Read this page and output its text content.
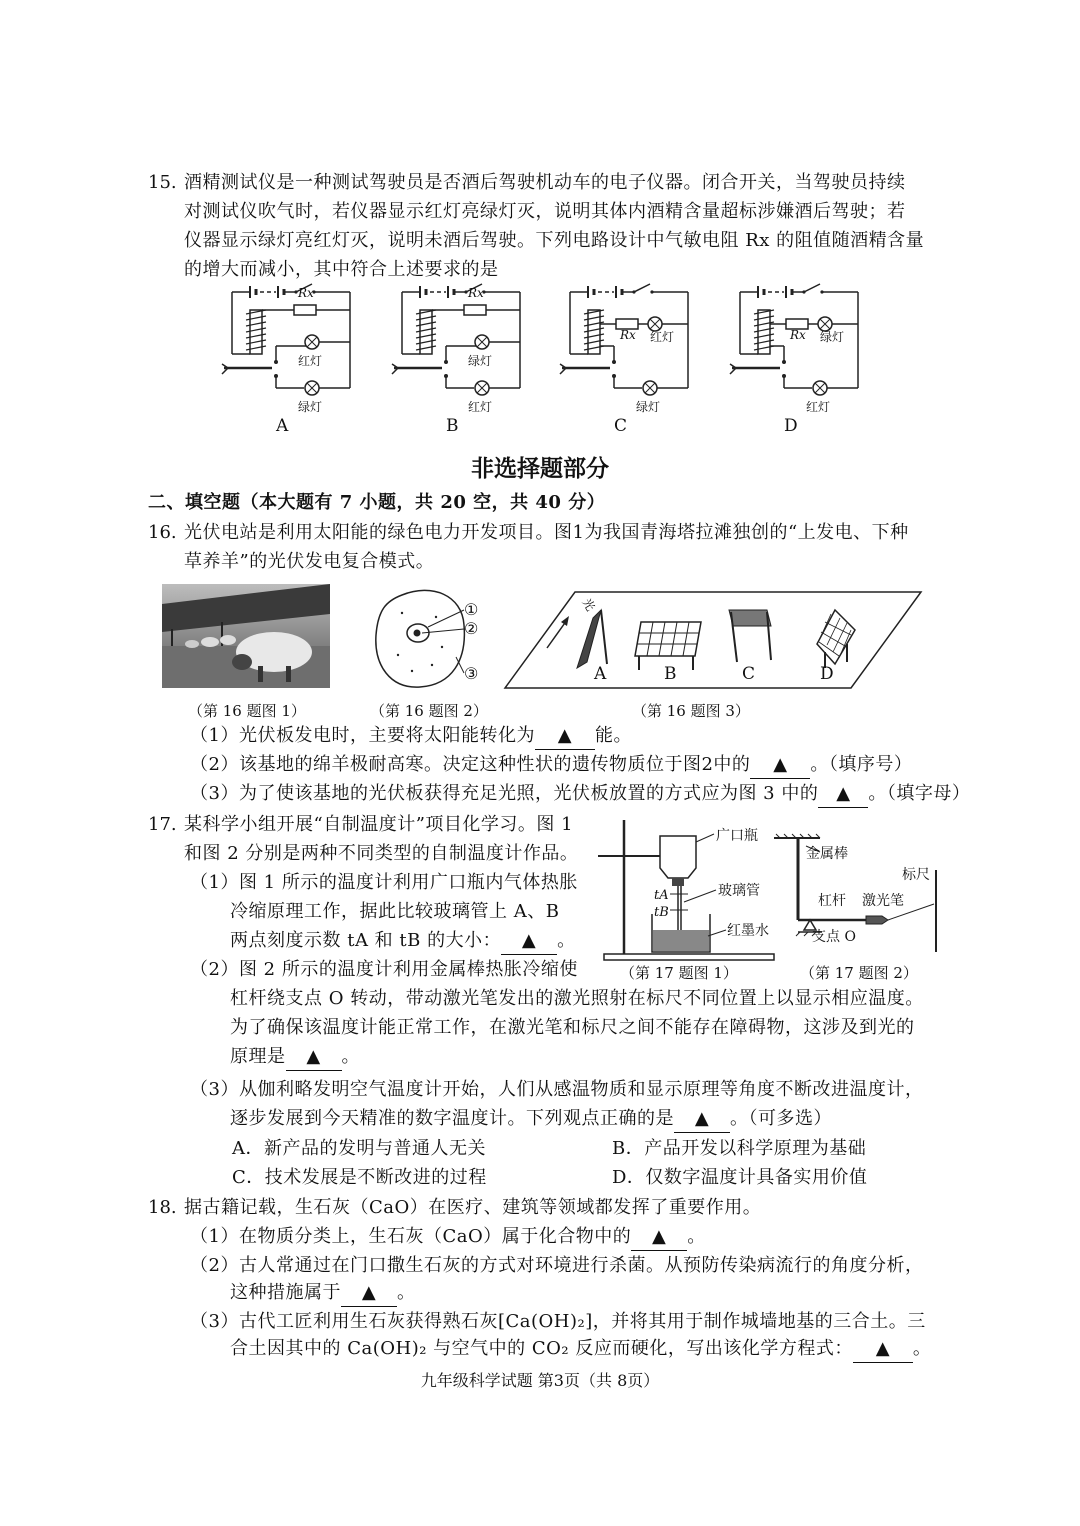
15. 酒精测试仪是一种测试驾驶员是否酒后驾驶机动车的电子仪器。闭合开关，当驾驶员持续
对测试仪吹气时，若仪器显示红灯亮绿灯灭，说明其体内酒精含量超标涉嫌酒后驾驶；若
仪器显示绿灯亮红灯灭，说明未酒后驾驶。下列电路设计中气敏电阻 Rx 的阻值随酒精含量
的增大而减小，其中符合上述要求的是
Rx
红灯
绿灯
A
Rx
绿灯
红灯
B
Rx 红灯
绿灯
C
Rx 绿灯
红灯
D
非选择题部分
二、填空题（本大题有 7 小题，共 20 空，共 40 分）
16. 光伏电站是利用太阳能的绿色电力开发项目。图1为我国青海塔拉滩独创的“上发电、下种
草养羊”的光伏发电复合模式。
（第 16 题图 1）
①
②
③
（第 16 题图 2）
光
A	B	C	D
（第 16 题图 3）
（1）光伏板发电时，主要将太阳能转化为 ▲ 能。
（2）该基地的绵羊极耐高寒。决定这种性状的遗传物质位于图2中的 ▲ 。（填序号）
（3）为了使该基地的光伏板获得充足光照，光伏板放置的方式应为图 3 中的 ▲ 。（填字母）
17. 某科学小组开展“自制温度计”项目化学习。图 1
和图 2 分别是两种不同类型的自制温度计作品。
（1）图 1 所示的温度计利用广口瓶内气体热胀
冷缩原理工作，据此比较玻璃管上 A、B
两点刻度示数 tA 和 tB 的大小： ▲ 。
（2）图 2 所示的温度计利用金属棒热胀冷缩使
杠杆绕支点 O 转动，带动激光笔发出的激光照射在标尺不同位置上以显示相应温度。
为了确保该温度计能正常工作，在激光笔和标尺之间不能存在障碍物，这涉及到光的
原理是 ▲ 。
（3）从伽利略发明空气温度计开始，人们从感温物质和显示原理等角度不断改进温度计，
逐步发展到今天精准的数字温度计。下列观点正确的是 ▲ 。（可多选）
A．新产品的发明与普通人无关	B．产品开发以科学原理为基础
C．技术发展是不断改进的过程	D．仅数字温度计具备实用价值
广口瓶
玻璃管
红墨水
tA
tB
（第 17 题图 1）
金属棒
标尺
杠杆 激光笔
支点 O
（第 17 题图 2）
18. 据古籍记载，生石灰（CaO）在医疗、建筑等领域都发挥了重要作用。
（1）在物质分类上，生石灰（CaO）属于化合物中的 ▲ 。
（2）古人常通过在门口撒生石灰的方式对环境进行杀菌。从预防传染病流行的角度分析，
这种措施属于 ▲ 。
（3）古代工匠利用生石灰获得熟石灰[Ca(OH)₂]，并将其用于制作城墙地基的三合土。三
合土因其中的 Ca(OH)₂ 与空气中的 CO₂ 反应而硬化，写出该化学方程式： ▲ 。
九年级科学试题 第3页（共 8页）
